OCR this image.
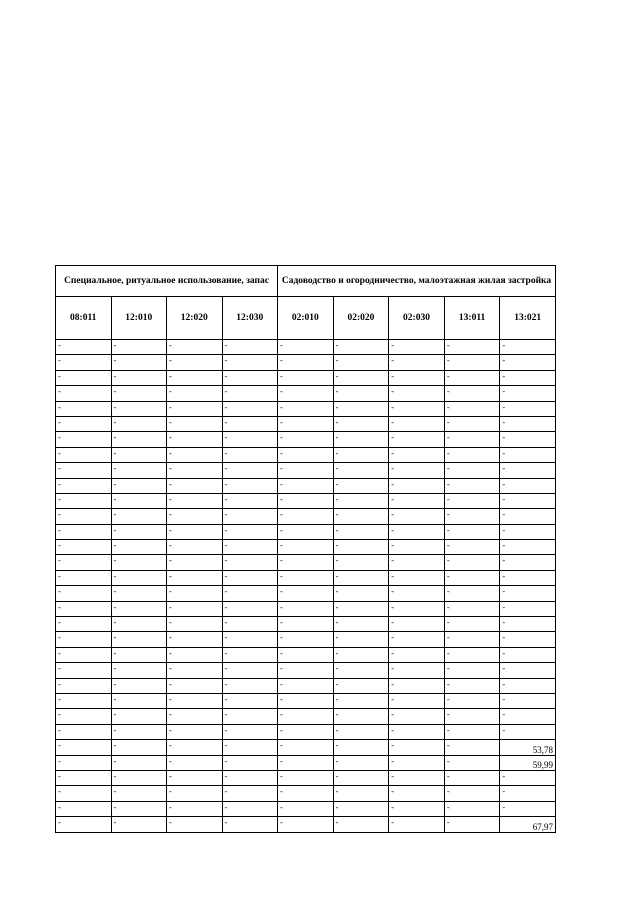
Специальное, ритуальное использование, запас				Садоводство и огородничество, малоэтажная жилая застройка				
08:011	12:010	12:020	12:030	02:010	02:020	02:030	13:011	13:021
-	-	-	-	-	-	-	-	-
-	-	-	-	-	-	-	-	-
-	-	-	-	-	-	-	-	-
-	-	-	-	-	-	-	-	-
-	-	-	-	-	-	-	-	-
-	-	-	-	-	-	-	-	-
-	-	-	-	-	-	-	-	-
-	-	-	-	-	-	-	-	-
-	-	-	-	-	-	-	-	-
-	-	-	-	-	-	-	-	-
-	-	-	-	-	-	-	-	-
-	-	-	-	-	-	-	-	-
-	-	-	-	-	-	-	-	-
-	-	-	-	-	-	-	-	-
-	-	-	-	-	-	-	-	-
-	-	-	-	-	-	-	-	-
-	-	-	-	-	-	-	-	-
-	-	-	-	-	-	-	-	-
-	-	-	-	-	-	-	-	-
-	-	-	-	-	-	-	-	-
-	-	-	-	-	-	-	-	-
-	-	-	-	-	-	-	-	-
-	-	-	-	-	-	-	-	-
-	-	-	-	-	-	-	-	-
-	-	-	-	-	-	-	-	-
-	-	-	-	-	-	-	-	-
-	-	-	-	-	-	-	-	53,78
-	-	-	-	-	-	-	-	59,99
-	-	-	-	-	-	-	-	-
-	-	-	-	-	-	-	-	-
-	-	-	-	-	-	-	-	-
-	-	-	-	-	-	-	-	67,97
